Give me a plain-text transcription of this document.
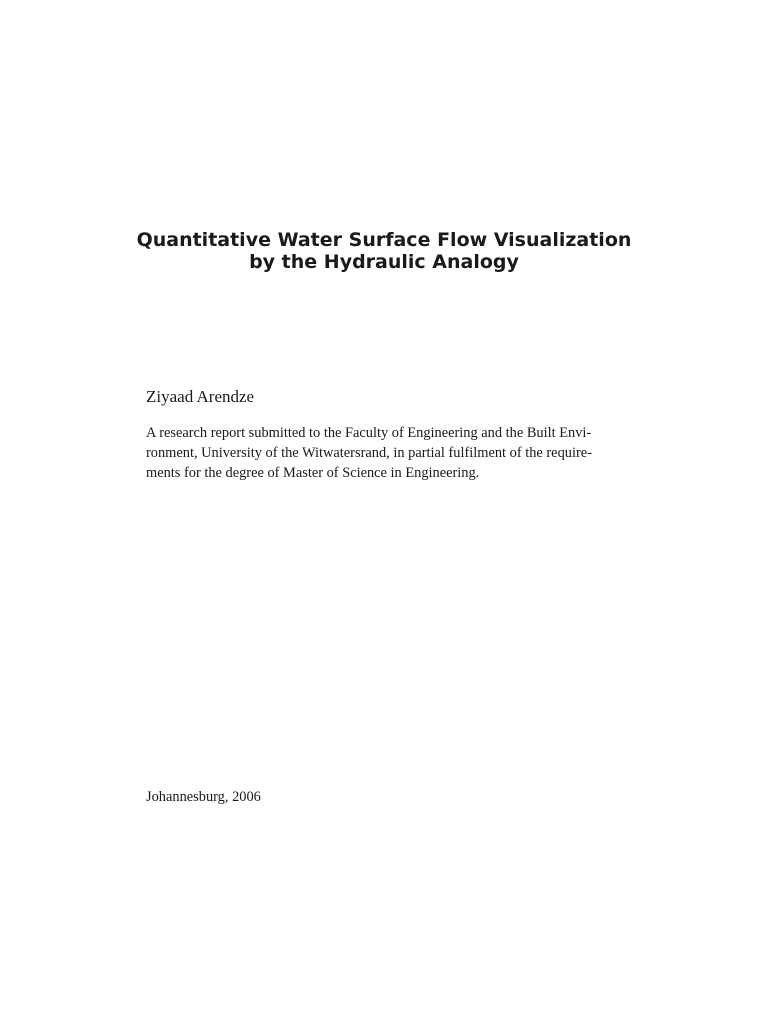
Quantitative Water Surface Flow Visualization
by the Hydraulic Analogy
Ziyaad Arendze
A research report submitted to the Faculty of Engineering and the Built Envi-
ronment, University of the Witwatersrand, in partial fulfilment of the require-
ments for the degree of Master of Science in Engineering.
Johannesburg, 2006
